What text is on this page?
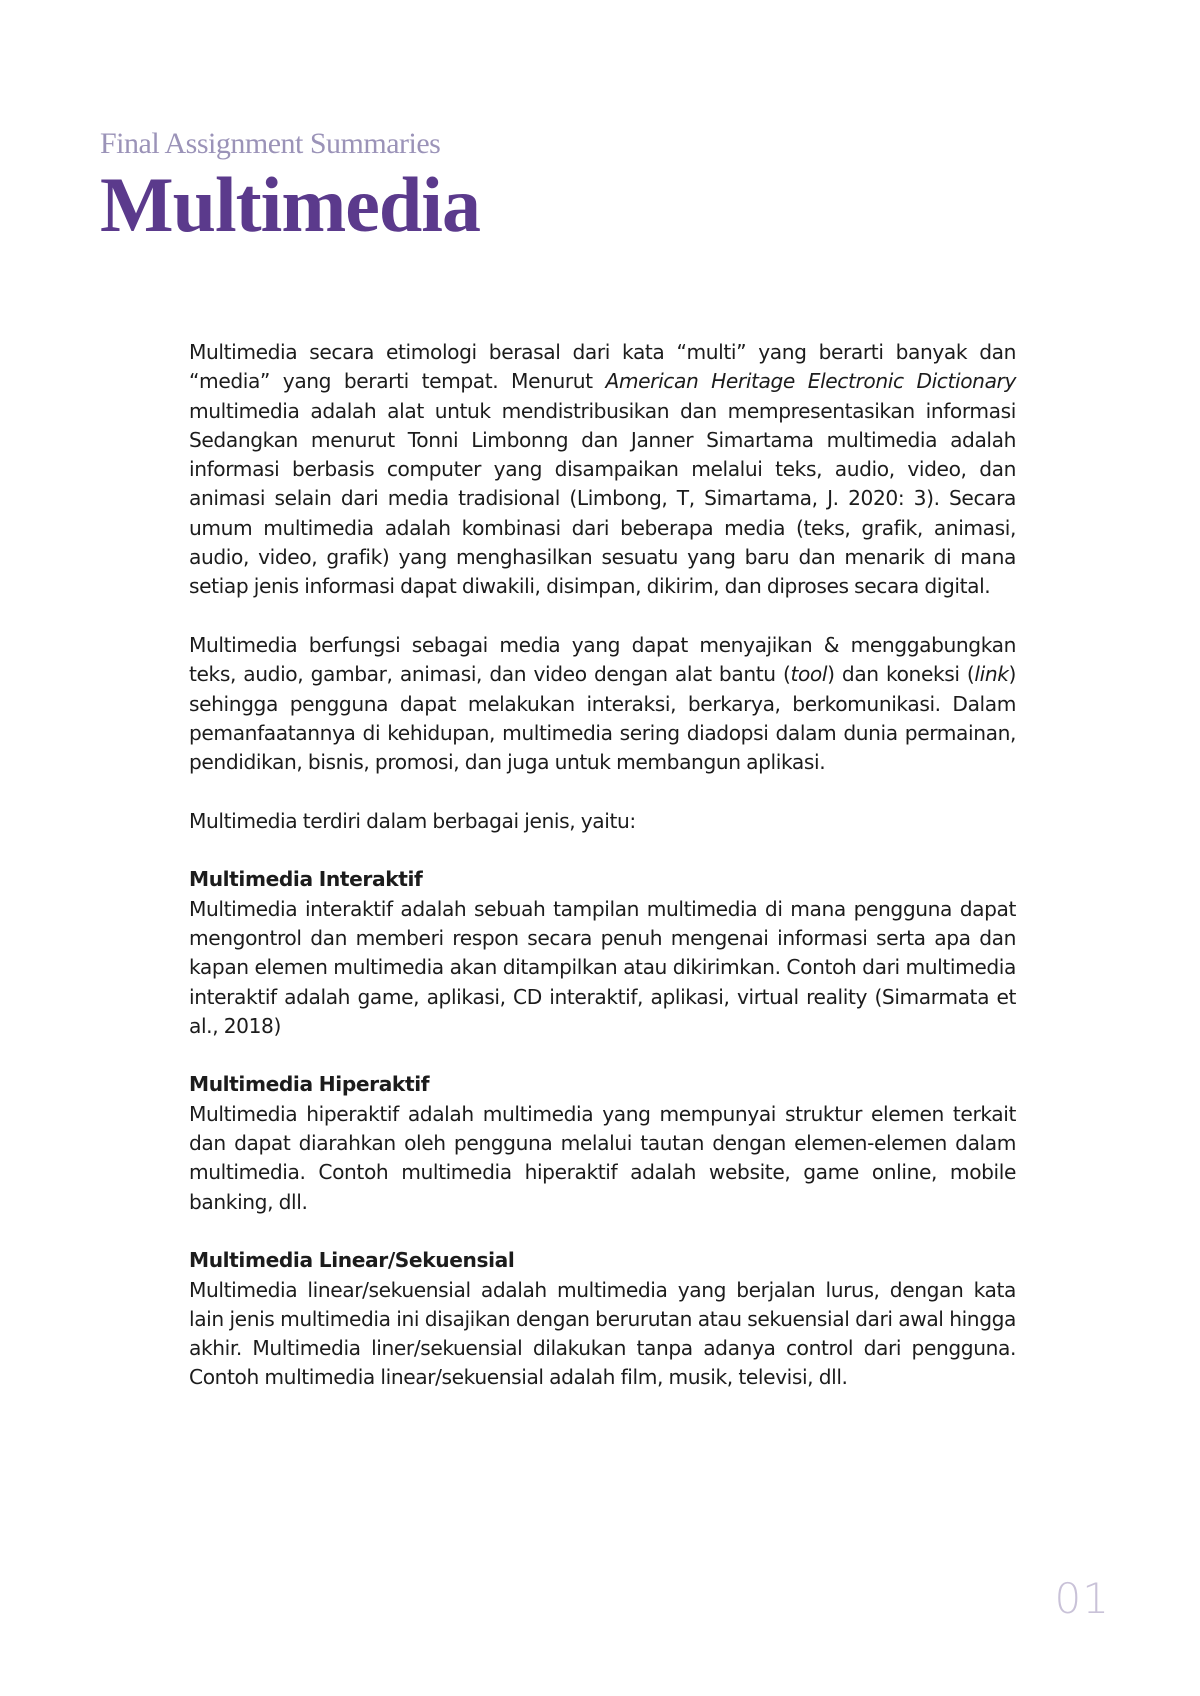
Final Assignment Summaries

Multimedia

Multimedia secara etimologi berasal dari kata “multi” yang berarti banyak dan “media” yang berarti tempat. Menurut American Heritage Electronic Dictionary multimedia adalah alat untuk mendistribusikan dan mempresentasikan informasi Sedangkan menurut Tonni Limbonng dan Janner Simartama multimedia adalah informasi berbasis computer yang disampaikan melalui teks, audio, video, dan animasi selain dari media tradisional (Limbong, T, Simartama, J. 2020: 3). Secara umum multimedia adalah kombinasi dari beberapa media (teks, grafik, animasi, audio, video, grafik) yang menghasilkan sesuatu yang baru dan menarik di mana setiap jenis informasi dapat diwakili, disimpan, dikirim, dan diproses secara digital.

Multimedia berfungsi sebagai media yang dapat menyajikan & menggabungkan teks, audio, gambar, animasi, dan video dengan alat bantu (tool) dan koneksi (link) sehingga pengguna dapat melakukan interaksi, berkarya, berkomunikasi. Dalam pemanfaatannya di kehidupan, multimedia sering diadopsi dalam dunia permainan, pendidikan, bisnis, promosi, dan juga untuk membangun aplikasi.

Multimedia terdiri dalam berbagai jenis, yaitu:

Multimedia Interaktif

Multimedia interaktif adalah sebuah tampilan multimedia di mana pengguna dapat mengontrol dan memberi respon secara penuh mengenai informasi serta apa dan kapan elemen multimedia akan ditampilkan atau dikirimkan. Contoh dari multimedia interaktif adalah game, aplikasi, CD interaktif, aplikasi, virtual reality (Simarmata et al., 2018)

Multimedia Hiperaktif

Multimedia hiperaktif adalah multimedia yang mempunyai struktur elemen terkait dan dapat diarahkan oleh pengguna melalui tautan dengan elemen-elemen dalam multimedia. Contoh multimedia hiperaktif adalah website, game online, mobile banking, dll.

Multimedia Linear/Sekuensial

Multimedia linear/sekuensial adalah multimedia yang berjalan lurus, dengan kata lain jenis multimedia ini disajikan dengan berurutan atau sekuensial dari awal hingga akhir. Multimedia liner/sekuensial dilakukan tanpa adanya control dari pengguna. Contoh multimedia linear/sekuensial adalah film, musik, televisi, dll.

01
